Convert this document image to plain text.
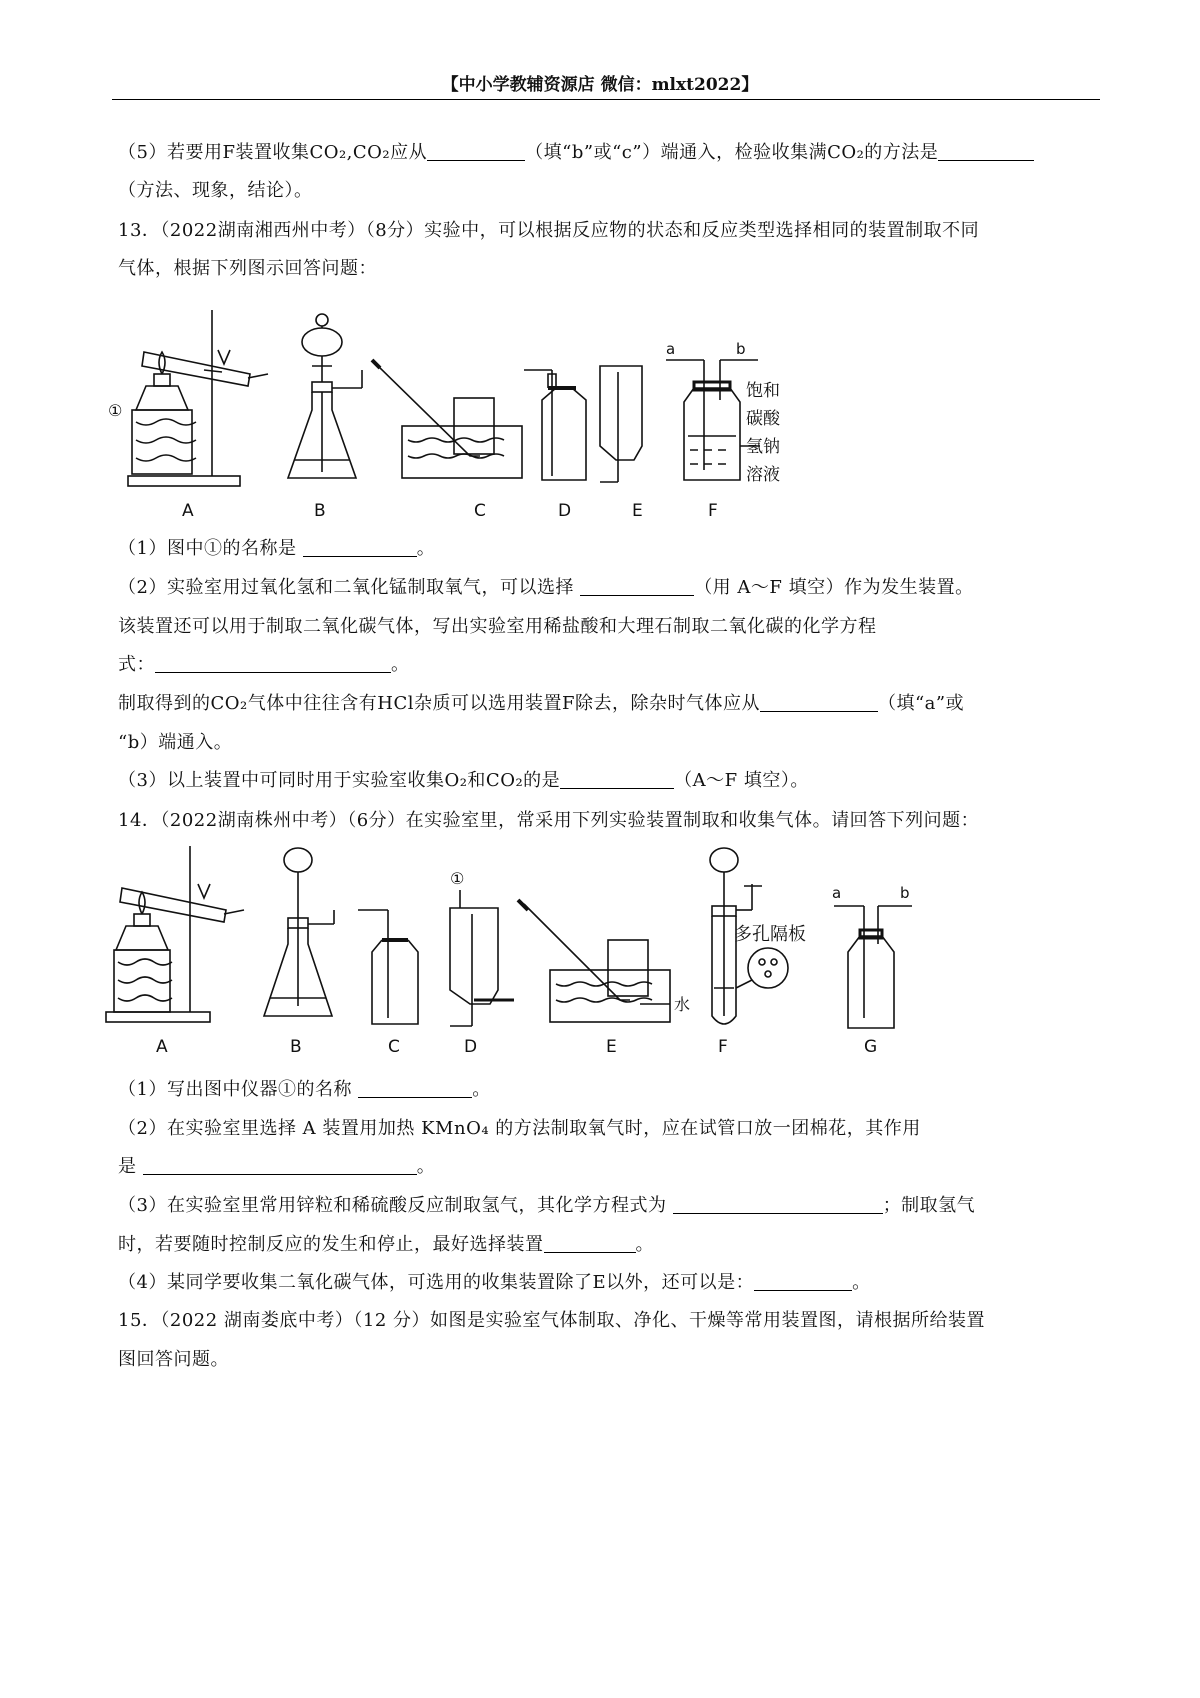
【中小学教辅资源店 微信：mlxt2022】
（5）若要用F装置收集CO₂,CO₂应从	（填“b”或“c”）端通入，检验收集满CO₂的方法是
（方法、现象，结论）。
13．（2022湖南湘西州中考）（8分）实验中，可以根据反应物的状态和反应类型选择相同的装置制取不同
气体，根据下列图示回答问题：
①
A	B	C	D	E
a	b
饱和
碳酸
氢钠
溶液
F
（1）图中①的名称是	。
（2）实验室用过氧化氢和二氧化锰制取氧气，可以选择	（用 A～F 填空）作为发生装置。
该装置还可以用于制取二氧化碳气体，写出实验室用稀盐酸和大理石制取二氧化碳的化学方程
式：	。
制取得到的CO₂气体中往往含有HCl杂质可以选用装置F除去，除杂时气体应从	（填“a”或
“b）端通入。
（3）以上装置中可同时用于实验室收集O₂和CO₂的是	（A～F 填空）。
14．（2022湖南株州中考）（6分）在实验室里，常采用下列实验装置制取和收集气体。请回答下列问题：
A	B	C
①
D
水
E
多孔隔板
F
a	b
G
（1）写出图中仪器①的名称	。
（2）在实验室里选择 A 装置用加热 KMnO₄ 的方法制取氧气时，应在试管口放一团棉花，其作用
是	。
（3）在实验室里常用锌粒和稀硫酸反应制取氢气，其化学方程式为	；制取氢气
时，若要随时控制反应的发生和停止，最好选择装置	。
（4）某同学要收集二氧化碳气体，可选用的收集装置除了E以外，还可以是：	。
15．（2022 湖南娄底中考）（12 分）如图是实验室气体制取、净化、干燥等常用装置图，请根据所给装置
图回答问题。
